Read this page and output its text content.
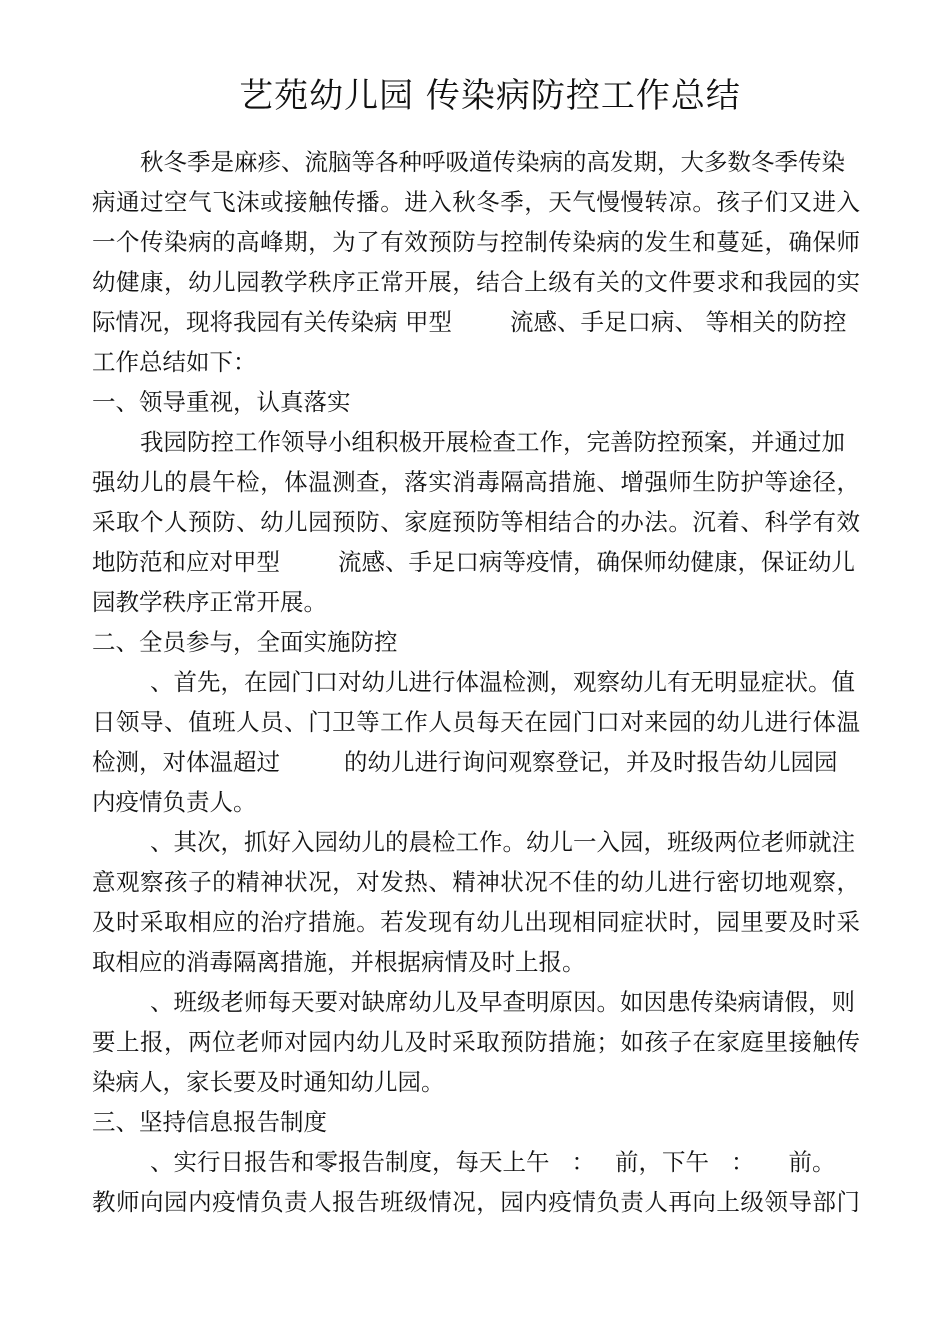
艺苑幼儿园 传染病防控工作总结
秋冬季是麻疹、流脑等各种呼吸道传染病的高发期，大多数冬季传染
病通过空气飞沫或接触传播。进入秋冬季，天气慢慢转凉。孩子们又进入
一个传染病的高峰期，为了有效预防与控制传染病的发生和蔓延，确保师
幼健康，幼儿园教学秩序正常开展，结合上级有关的文件要求和我园的实
际情况，现将我园有关传染病 甲型 流感、手足口病、 等相关的防控
工作总结如下：
一、领导重视，认真落实
我园防控工作领导小组积极开展检查工作，完善防控预案，并通过加
强幼儿的晨午检，体温测查，落实消毒隔高措施、增强师生防护等途径，
采取个人预防、幼儿园预防、家庭预防等相结合的办法。沉着、科学有效
地防范和应对甲型 流感、手足口病等疫情，确保师幼健康，保证幼儿
园教学秩序正常开展。
二、全员参与，全面实施防控
、首先，在园门口对幼儿进行体温检测，观察幼儿有无明显症状。值
日领导、值班人员、门卫等工作人员每天在园门口对来园的幼儿进行体温
检测，对体温超过	的幼儿进行询问观察登记，并及时报告幼儿园园
内疫情负责人。
、其次，抓好入园幼儿的晨检工作。幼儿一入园，班级两位老师就注
意观察孩子的精神状况，对发热、精神状况不佳的幼儿进行密切地观察，
及时采取相应的治疗措施。若发现有幼儿出现相同症状时，园里要及时采
取相应的消毒隔离措施，并根据病情及时上报。
、班级老师每天要对缺席幼儿及早查明原因。如因患传染病请假，则
要上报，两位老师对园内幼儿及时采取预防措施；如孩子在家庭里接触传
染病人，家长要及时通知幼儿园。
三、坚持信息报告制度
、实行日报告和零报告制度，每天上午 ： 前，下午 ： 前。
教师向园内疫情负责人报告班级情况，园内疫情负责人再向上级领导部门
